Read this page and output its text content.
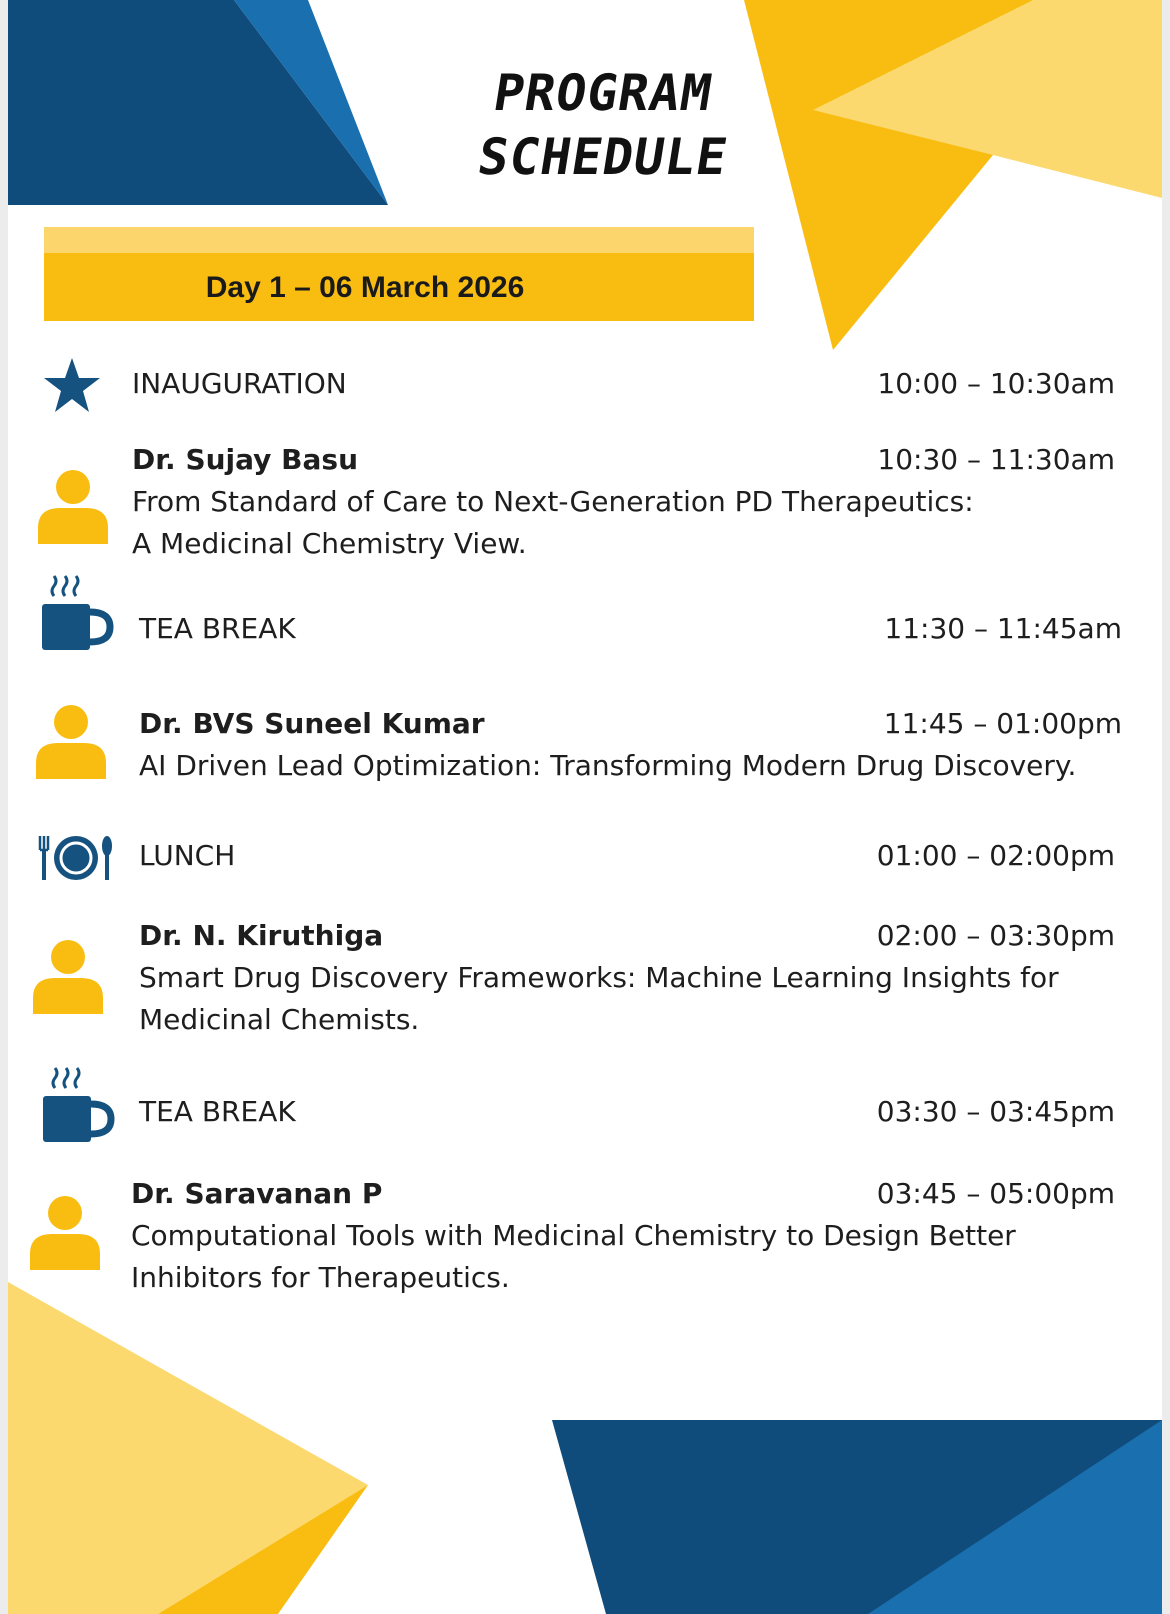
PROGRAM
SCHEDULE
Day 1 – 06 March 2026
INAUGURATION	10:00 – 10:30am
Dr. Sujay Basu	10:30 – 11:30am
From Standard of Care to Next-Generation PD Therapeutics:
A Medicinal Chemistry View.
TEA BREAK	11:30 – 11:45am
Dr. BVS Suneel Kumar	11:45 – 01:00pm
AI Driven Lead Optimization: Transforming Modern Drug Discovery.
LUNCH	01:00 – 02:00pm
Dr. N. Kiruthiga	02:00 – 03:30pm
Smart Drug Discovery Frameworks: Machine Learning Insights for
Medicinal Chemists.
TEA BREAK	03:30 – 03:45pm
Dr. Saravanan P	03:45 – 05:00pm
Computational Tools with Medicinal Chemistry to Design Better
Inhibitors for Therapeutics.
